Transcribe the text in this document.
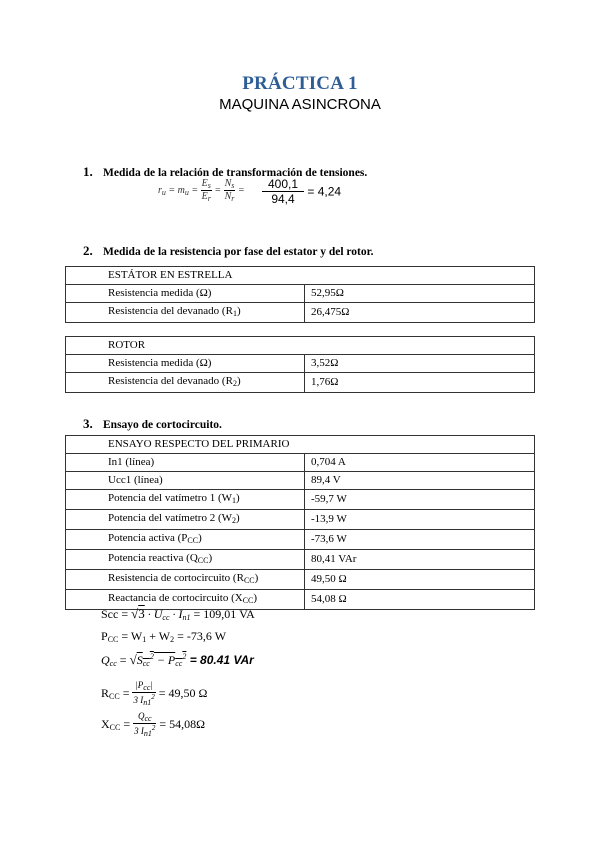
PRÁCTICA 1
MAQUINA ASINCRONA
1. Medida de la relación de transformación de tensiones.
$r_u = m_u = \frac{E_s}{E_r} = \frac{N_s}{N_r} = \frac{400,1}{94,4} = 4,24$
2. Medida de la resistencia por fase del estator y del rotor.
ESTÁTOR EN ESTRELLA	
Resistencia medida (Ω)	52,95Ω
Resistencia del devanado $(R_1)$	26,475Ω
ROTOR	
Resistencia medida (Ω)	3,52Ω
Resistencia del devanado $(R_2)$	1,76Ω
3. Ensayo de cortocircuito.
ENSAYO RESPECTO DEL PRIMARIO	
In1 (línea)	0,704 A
Ucc1 (línea)	89,4 V
Potencia del vatímetro 1 $(W_1)$	-59,7 W
Potencia del vatímetro 2 $(W_2)$	-13,9 W
Potencia activa $(P_{CC})$	-73,6 W
Potencia reactiva $(Q_{CC})$	80,41 VAr
Resistencia de cortocircuito $(R_{CC})$	49,50 Ω
Reactancia de cortocircuito $(X_{CC})$	54,08 Ω
Scc = $√3 \cdot U_{cc} \cdot I_{n1} = 109,01$ VA
$P_{CC} = W_1 + W_2 = -73,6$ W
$Q_{cc} = √S_{cc}^2 - P_{cc}^2 = 80.41$ VAr
$R_{CC} = \frac{|P_{cc}|}{3 I_{n1}^2} = 49,50$ Ω
$X_{CC} = \frac{Q_{cc}}{3 I_{n1}^2} = 54,08\Omega$
